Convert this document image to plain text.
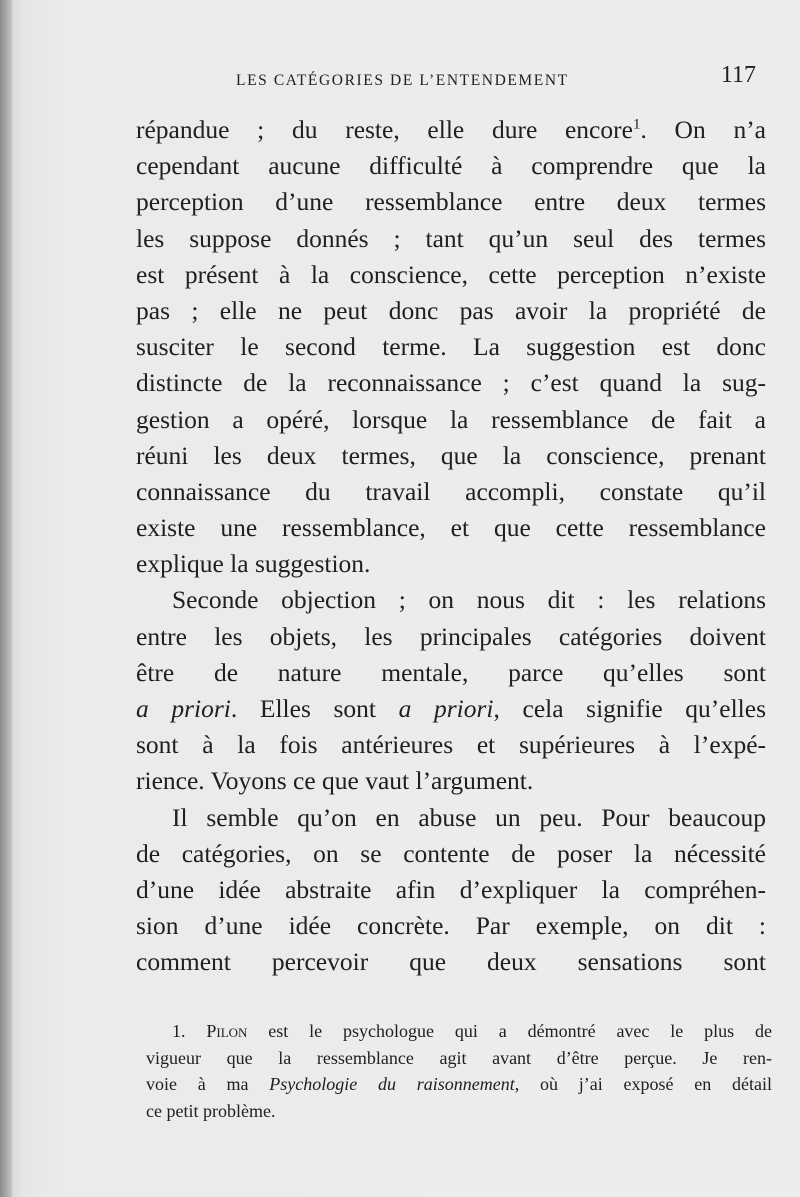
LES CATÉGORIES DE L’ENTENDEMENT	117
répandue ; du reste, elle dure encore$^1$. On n’a
cependant aucune difficulté à comprendre que la
perception d’une ressemblance entre deux termes
les suppose donnés ; tant qu’un seul des termes
est présent à la conscience, cette perception n’existe
pas ; elle ne peut donc pas avoir la propriété de
susciter le second terme. La suggestion est donc
distincte de la reconnaissance ; c’est quand la sug-
gestion a opéré, lorsque la ressemblance de fait a
réuni les deux termes, que la conscience, prenant
connaissance du travail accompli, constate qu’il
existe une ressemblance, et que cette ressemblance
explique la suggestion.
Seconde objection ; on nous dit : les relations
entre les objets, les principales catégories doivent
être de nature mentale, parce qu’elles sont
a priori. Elles sont a priori, cela signifie qu’elles
sont à la fois antérieures et supérieures à l’expé-
rience. Voyons ce que vaut l’argument.
Il semble qu’on en abuse un peu. Pour beaucoup
de catégories, on se contente de poser la nécessité
d’une idée abstraite afin d’expliquer la compréhen-
sion d’une idée concrète. Par exemple, on dit :
comment percevoir que deux sensations sont
1. Pilon est le psychologue qui a démontré avec le plus de
vigueur que la ressemblance agit avant d’être perçue. Je ren-
voie à ma Psychologie du raisonnement, où j’ai exposé en détail
ce petit problème.
